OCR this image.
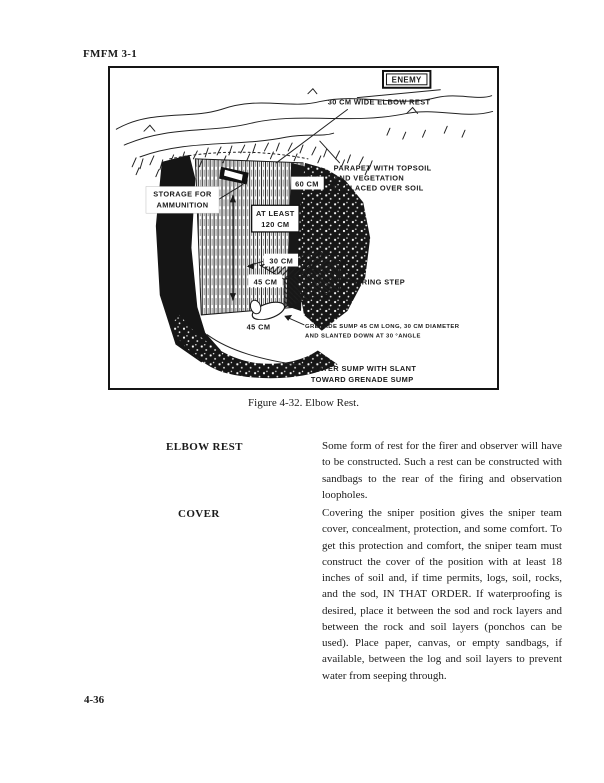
FMFM 3-1
ENEMY
30 CM WIDE ELBOW REST
PARAPET WITH TOPSOIL
AND VEGETATION
REPLACED OVER SOIL
STORAGE FOR
AMMUNITION
60 CM
AT LEAST
120 CM
30 CM
45 CM	FIRING STEP
45 CM	GRENADE SUMP 45 CM LONG, 30 CM DIAMETER
AND SLANTED DOWN AT 30 °ANGLE
WATER SUMP WITH SLANT
TOWARD GRENADE SUMP
Figure 4-32. Elbow Rest.
ELBOW REST	Some form of rest for the firer and observer will have to be constructed. Such a rest can be constructed with sandbags to the rear of the firing and observation loopholes.
COVER	Covering the sniper position gives the sniper team cover, concealment, protection, and some comfort. To get this protection and comfort, the sniper team must construct the cover of the position with at least 18 inches of soil and, if time permits, logs, soil, rocks, and the sod, IN THAT ORDER. If waterproofing is desired, place it between the sod and rock layers and between the rock and soil layers (ponchos can be used). Place paper, canvas, or empty sandbags, if available, between the log and soil layers to prevent water from seeping through.
4-36
